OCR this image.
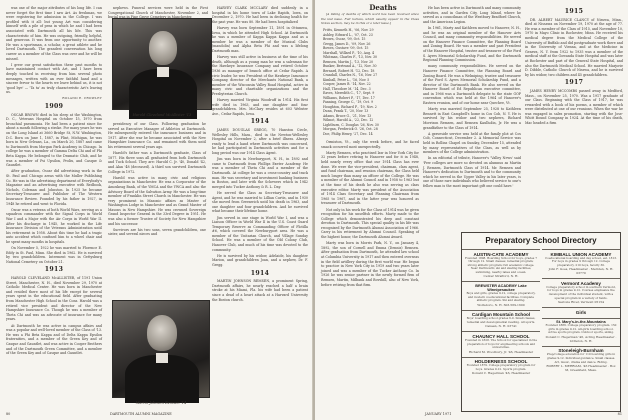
was one of the major attributes of his long life. I can never forget the first time I saw Art. As freshman, we were registering for admission in the College. I was profiled with it all: but young Art was considering himself with a pile of pens in which he and I had been associated with Dartmouth all his life. This was characteristic of him. He was outgoing, friendly, helpful, and generous. It was from one opportunity to another. He was a sportsman, a scholar, a great athlete and he loved Dartmouth. The grandest conversation his long career as a member of the Class was over and he will be missed.

I grew our great satisfaction these past months to have maintained contact with Art, and I have been deeply touched in receiving from him several photo messages, written with an ever faithful hand and a sincere fervor to the hearts we leave behind us, it is not 'good bye' — 'Ta ta' as truly characteristic Art's leaving us.

ROLAND E. CROWLEY
1909

OSCAR BROWN died in his sleep at the Washington, D. C., Veterans Hospital on October 15, 1970 from bronchial pneumonia. He had been a patient since for about a month following a stroke. For many years he was on the Long Island at 3660 Bridge St, N.W. Washington, D.C. Born on June 1, 1887, in Flint, Michigan, he was born in New Orleans, La., on March 20, 1887 and came to Dartmouth from Morgan Park Academy in Chicago. In college he was a member of Gamma Delta Chi and of Phi Beta Kappa. He belonged to the Dramatic Club, and he was a member of Psi Upsilon, Prolix, and Casque & Gauntlet.

After graduation, Oscar did advertising work in the St. Paul and Chicago areas with the Muller Publishing Co. He was in the advertising department of Everybody's Magazine and an advertising executive with Redbook, Nichols, Coleman and Johnston. In 1925 he became Secretary-Treasurer and Publisher of The Western Insurance Review. Founded by his father in 1927, in 1948 he retired and went to Florida.

Oscar was a veteran of both World Wars, serving as a squadron commander with the Signal Corps in World War I and a Major with the Air Corps in World War II. After his discharge in 1945, he worked in the Life Insurance Division of the Veterans Administration until his retirement in 1958. About this time he had a tragic auto accident which confined him to a wheel chair and he spent many months in hospitals.

On November 5, 1922 he was married to Florence E. Eddy in St. Paul, Minn. She died in 1962. He is survived by two grandchildren. Interment was in Gettysburg National Cemetery on October 21.

1913

HAROLD CLEVELAND McALLISTER, of 1191 Union Street, Manchester, N. H., died November 29, 1970 at Catholic Medical Center. He was born in Manchester and resided there most of his life except for several years spent in the educational field. After graduating from Manchester High School in the Cons. Harold was a retired vice president and director of the New Hampshire Insurance Co. Though he was a member of Theta Chi and was an advocate of insurance for many years.

At Dartmouth he was active in campus affairs and was a popular and well-loved member of the Class of '13. He was a Phi Beta Kappa and of Delta Kappa Epsilon fraternities, and a member of the Green Key and of Casque and Gauntlet, and was active in Cooper Brothers and of the Dartmouth Green Committee, and a member of the Green Key and of Casque and Gauntlet.

Harold Cleveland McAllister '13

nephews. Funeral services were held in the First Congregational Church of Manchester, November 2, and burial was in Pine Grove Cemetery in Manchester.

presidency of our Class. Following graduation he served as Executive Manager of Athletics at Dartmouth. He subsequently entered the insurance business and in 1917. After she war he became associated with the New Hampshire Insurance Co. and remained with them until his retirement several years ago.

Harold's father was a Dartmouth graduate, Class of 1877. His three sons all graduated from both Dartmouth and Tuck School. They are: Harold C. Jr. '40, Donald '42, and Alan '48 (deceased). A third son survived Dartmouth College in 1972.

Harold was active in many civic and religious organizations in Manchester. He was a Corporator of the Amoskeag Bank, of the YMCA and the YWCA and also the Advisory Board of the Salvation Army. He was a long-time member of Franklin Street Church in Manchester. He was very prominent in Masonic affairs as Master of Washington Lodge in Manchester and as Grand Master of Masons in New Hampshire. He was crowned Sovereign Grand Inspector General in the 33rd Degree in 1951. He was also a former Trustee of Society for New Hampshire and his successor.

Survivors are his two sons, seven grandchildren, one sister, and several nieces and

Martin Johnson Remsen '14

HARVEY CLARK MCCLARY died suddenly in a hospital in his home town of Lake Rapids, Iowa, on December 2, 1970. He had been in declining health for the past year. He was 80. He had been hospitalized

Harvey was born September 11, 1891 in Ottumwa, Iowa, in which he attended High School. At Dartmouth he was a member of Kappa Kappa Kappa and as a member he was a member of the Musical Clubs (mandolin) and Alpha Beta Phi and was a lifelong Dartmouth man.

Harvey was still active in business at the time of his death, although as a young man he was a salesman for the Hawkeye Insurance Company and retired October 1936 as manager of branch office at Cedar Rapids. A civic leader, he was President of the Hawkeye Insurance Company, director of the Merchants National Bank, a member of the Wisconsin Valley Road Hospital, active in many civic and charitable organizations and the Presbyterian Church.

Harvey married Virginia Woodruff in 1914. His first wife died in 1963, and one daughter and four grandchildren. Mrs. McClary resides at 603 Webster Ave., Cedar Rapids, Iowa.

1914

JAMES DOUGLAS GREGG, 70 Hanston Circle, Wellesley Hills, Mass., died in the Newton-Wellesley Hospital on November 2, after a brief illness. Always ready to lend a hand where Dartmouth was concerned, he had participated in Dartmouth activities and for a long period was our 1914 Class Agent.

Jim was born in Newburyport, N. H., in 1892 and came to Dartmouth from Phillips Exeter Academy. He was a member of Theta Chi and a member of the Dartmouth. At college he was a cross-country and track man. He was secretary and investment banking business in Boston, and later with the Schewers which in 1942 merged into Tucker Anthony & R. L. Day.

He served the Class as Secretary-Treasurer and Agent, and he was married to Lillian Curtis, and in 1930 she moved from Greenwich until his death in 1963, and one daughter and four grandchildren. And he survived what became their lifetime home.

Jim served in one stage in World War I, and was a Liaison Officer in World War II in the U.S. Coast Guard Temporary Reserve as Commanding Officer of Flotilla #6, which covered the Newburyport area. He was a member of the Unitarian Church, and Village Sunday School. He was a member of the Old Colony Club, Hanover Club, and much of his time was devoted to the community.

He is survived by his widow, Adelaide, his daughter Marion, and grandchildren Joan, and a nephew, Dr. F. Gregg.

1914

MARTIN JOHNSON REMSEN, a prominent Spring, Dartmouth affairs, he nearly reached a half a brain stroke at his Miami, Fla. his wife had been a patient since a dead of a heart attack at a Harvard University the Boston church.

80	DARTMOUTH ALUMNI MAGAZINE
Deaths

[A listing of deaths of which word has been received since the last issue. Full notices, which usually appear in the Class Notes section, may be in this or a later issue.]

Fritts, Kenneth H., '06, Nov. 29
Ashley, Edward L., '07, Oct. 23
Brown, Oscar, '09, Oct. 15
Gregg, James D., '09, Nov. 26
Bowes, Gustave '09, Oct. 15
Marshall, Willard P., '10, Aug. 4
Whitman, Charles F., '13, Nov. 30
Remsen, Martin J., '13, Nov. 20
Bunker, Bertrand A., '12, Nov. 30
Bernard, Robert H. '12, Dec. 18
Crandall, Charles N., '16, Nov. 27
Kimball, Peter L., '16, Nov. 5
Cooper, James B. '14, Nov. 22
Hall, Theodore M. '14, Dec. 3
Eaves, Meredith C., '17, Sept. 9
Williams, Robert P., '17, Dec. 17
Fanning, George C., '19, Oct. 9
Houghton, Richard F., '19, Nov. 2
Dunn, Frank T., '20, Nov. 13
Adams, Bruce G., '21, Nov. 13
Wilmot, Harold A., '22, Dec. 12
Lightburn, C. Douglas '26, Nov. 30
Morgan, Frederick O. '26, Oct. 28
Doe, Philip Henry, '27, Dec. 14

Ormiston, Vt., only the week before, and he faced smack occurred most unexpectedly.

Marty Remsen, who practised law in New York City for 32 years before retiring to Hanover and for it in 1948, held nearly every office that our 1914 Class has ever done. We were the vice-president, chairman, class agent, and fund chairman, and reunion chairman, the Class held much longer than many an officer of the College. He was a member of the Alumni Council and in 1958 to 1963 but at the time of his death he also was serving as class executive editor. Marty was president of the Association of 1914 Class Secretary and Planning Chairman from 1965 to 1967, and in the latter year was honored as treasurer of Dartmouth.

Not only in his work for the Class of 1914 was he given recognition for his unselfish efforts. Marty made to the College which demonstrated his deep and constant devotion to Dartmouth. This special quality in his life was recognized by the Dartmouth Alumni Association of 1966. Carry in his retirement by Alumni Council. Speaking of the highest honor, the Dartmouth Alumni Award.

Marty was born in Morris Park, N. Y., on January 4, 1892, the son of Cornell and Emma (Dennis) Remsen. After graduation from Dartmouth, he attended law school at Columbia University in 1917 and then entered overseas in the field artillery during the first world war. He began to practice in New York City in 1919 and two years later joined and was a member of the Tucker Anthony Co. In 1926 he was senior partner in the newly formed firm of Remsen, Martin, Milbank and Bovshill, also of New York, before retiring from that firm.

He has been active in Dartmouth and many community activities, and in Garden City, Long Island, where he served as a councilman of the Westbury Bradford Church, and the American Legion.

In 1961, Marty and Kathleen moved to Hanover, N. H., and he was an original member of the Hanover Arts Council, and many community responsibilities. He served on the Hanover Finance Committee, the Planning Board and Zoning Board. He was a member and past President of the Hanover Hospital, trustee and treasurer of the Ford S. Ayres Memorial Scholarship Fund, and the Dartmouth Regional Planning Commission.

many community responsibilities. He served on the Hanover Finance Committee, the Planning Board and Zoning Board. He was a Welmiping, trustee and treasurer of the Ford S. Ayres Memorial Scholarship Fund, and a director of the Dartmouth Bank. He also served on the Hanover Board of Ed Republican executive committee, and in 1966 was a Dartmouth delegate to the state GOP convention which was held at the 1964 of Hanover's Eastern reunion, and of our home near Quechee, Vt.

Marty was married September 25, 1928 to Kathleen Bennett in East Campbell's home in Cos Cob, N. Y. He is survived by his widow and two nephews, Richard Morrison Remsen, and Remsen Kaulholin, Jr. He was a grandfather to the Class of 1914.

A graveside service was held at the family plot at Cos Cob, Connecticut, December 2. A Memorial Service was held in Rollins Chapel on Sunday, December 15, attended by many representatives of the Class, as well as by members of the College administration.

In an editorial of tribute, Hanover's 'Valley News' said 'Few colleges are more so devoted on alumnus as Martin J. Remsen, Dartmouth Class of 1914. Mr. Remsen and Hanover's dedication to Dartmouth and to the community which he served in the Upper Valley in his later years, is one of those rare individuals who believed service to one's fellow man is the most important gift one could have.'

1915

DR. ALBERT MAURICE CLANCY of Nisswa, Minn., died at Nissawa on November 19, 1970 at the age of 77. He was a member of the Class of 1915, and November 10, 1970 in Mayo Clinic in Rochester, Minn. He received his medical degree from the Medical College of the University of Buffalo and did postgraduate work there and in the University of Vienna, and at the Medicine in Geneva, N. Y. from 1922 to 1935 was a member of the medical staff at the Gowanda State Hospital and was later at Rochester and part of the General State Hospital, and also the Dartmouth Medical School. He married Marjorie D. Dibble, Catholic Church of Nisswa, and he is survived by his widow, two children and 45 grandchildren.

1917

JAMES HENRY MCCOMBS passed away in Medford, Mass., on November 25, 1970. Was a 1917 graduate of our Class. Beginning with the Class of 1917, he was rewarded with a book of his poems, a member of which were distributed at one of our reunions. When the war he was engaged in sales promotion, starting with the Jose-Whitt Bound Company in 1924. At the time of his death, Mac headed a firm

81
JANUARY 1971
Preparatory School Directory
AUSTIN-CATE ACADEMY
Founded 1808. Boarding School for boys, grades 7 through 12. Small classes; remedial program; strong athletic program; full academic college. Near Dartmouth; ski and skating facilities, swimming, nearby lakes and ocean.
Center Strafford, N. H.
BREWSTER ACADEMY Lake Winnipesaukee
Boys and girls, grades 9-12, college preparatory, and modern coeducational facilities. Complete athletic program. Ski and skating.
Wolfeboro, N. H. 603-569-1600
Cardigan Mountain School
Boys' boarding school grades 6-9. Small classes, remedial and developmental reading. All sports.
Canaan, N. H. 03741
CHAUNCY HALL SCHOOL
Founded in 1828. The School for specialized in the preparation of boys for engineering schools and universities.
Richard M. Woodbury, Jr. '46, Headmaster
HOLDERNESS SCHOOL
Founded 1879. College preparatory program for boys. Grades 9-12. Sports program.
Donald C. Hagerman '46, Headmaster
KIMBALL UNION ACADEMY
Coeducational boarding and day school, est. 1813. For boys in grades 9 through 12. College preparatory. 210 boys, faculty 30.
John F. Goes, Headmaster · Meriden, N. H. 03770
Vermont Academy
College preparatory school in southern Vermont, for boys in grades 9-12. Courses emphasize the development of the individual student, with a special program in a variety of fields.
Saxtons River, Vermont 05154
Girls
St. Mary's-in-the-Mountains
Founded 1886. College preparatory program. 150 girls in grades 9-12. All-girls boarding school. Active sports program. Outdoor sports, skiing.
Donald C. Hagerman '46, Acting Headmaster · Littleton, N. H.
Stoneleigh-Burnham
Prep/college education for 110 boarding girls in grades 9-12. Individual guidance. Small classes. Art, music, drama and dance. Riding.
ROBERT L. MERRIAM, '46 Headmaster · Box M, Greenfield, Mass.
